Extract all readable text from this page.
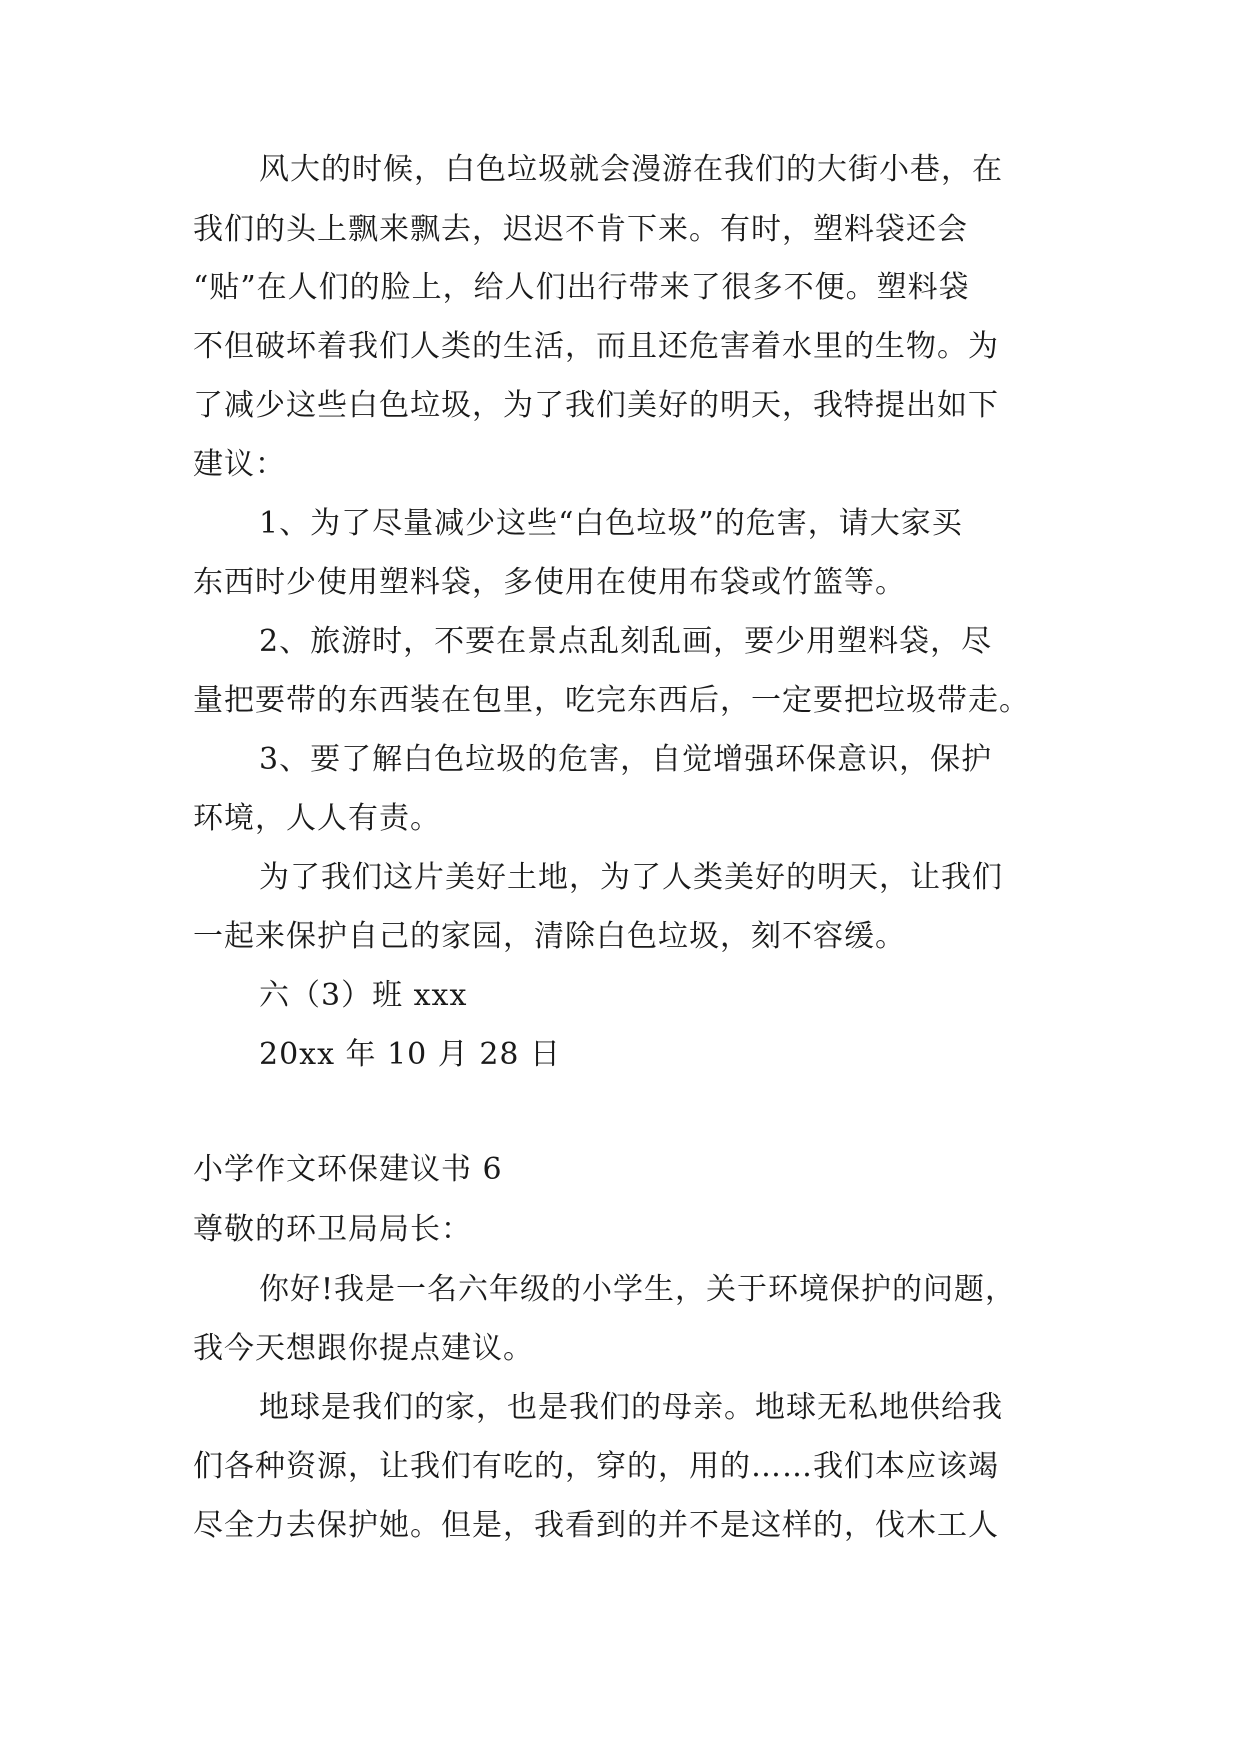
风大的时候，白色垃圾就会漫游在我们的大街小巷，在
我们的头上飘来飘去，迟迟不肯下来。有时，塑料袋还会
“贴”在人们的脸上，给人们出行带来了很多不便。塑料袋
不但破坏着我们人类的生活，而且还危害着水里的生物。为
了减少这些白色垃圾，为了我们美好的明天，我特提出如下
建议：
1、为了尽量减少这些“白色垃圾”的危害，请大家买
东西时少使用塑料袋，多使用在使用布袋或竹篮等。
2、旅游时，不要在景点乱刻乱画，要少用塑料袋，尽
量把要带的东西装在包里，吃完东西后，一定要把垃圾带走。
3、要了解白色垃圾的危害，自觉增强环保意识，保护
环境，人人有责。
为了我们这片美好土地，为了人类美好的明天，让我们
一起来保护自己的家园，清除白色垃圾，刻不容缓。
六（3）班 xxx
20xx 年 10 月 28 日
小学作文环保建议书 6
尊敬的环卫局局长：
你好!我是一名六年级的小学生，关于环境保护的问题，
我今天想跟你提点建议。
地球是我们的家，也是我们的母亲。地球无私地供给我
们各种资源，让我们有吃的，穿的，用的……我们本应该竭
尽全力去保护她。但是，我看到的并不是这样的，伐木工人
